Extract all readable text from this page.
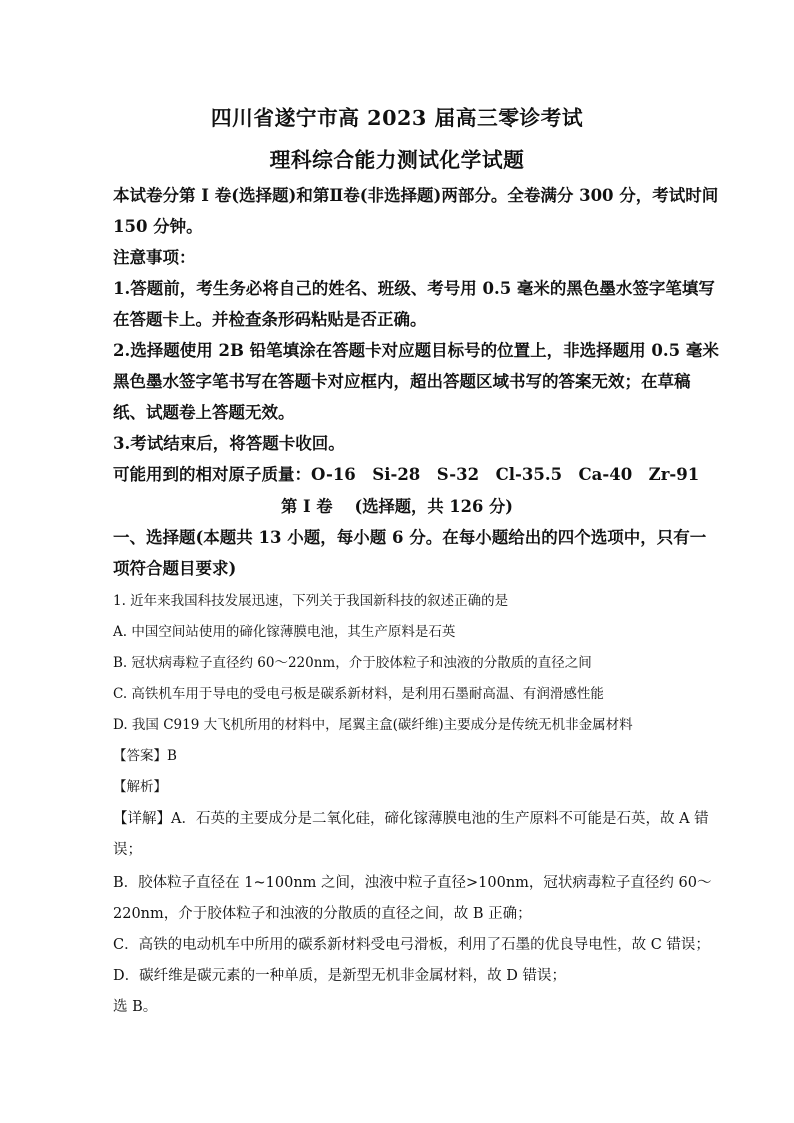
四川省遂宁市高 2023 届高三零诊考试
理科综合能力测试化学试题
本试卷分第 I 卷(选择题)和第Ⅱ卷(非选择题)两部分。全卷满分 300 分，考试时间
150 分钟。
注意事项：
1.答题前，考生务必将自己的姓名、班级、考号用 0.5 毫米的黑色墨水签字笔填写
在答题卡上。并检查条形码粘贴是否正确。
2.选择题使用 2B 铅笔填涂在答题卡对应题目标号的位置上，非选择题用 0.5 毫米
黑色墨水签字笔书写在答题卡对应框内，超出答题区域书写的答案无效；在草稿
纸、试题卷上答题无效。
3.考试结束后，将答题卡收回。
可能用到的相对原子质量：O-16　Si-28　S-32　Cl-35.5　Ca-40　Zr-91
第 I 卷　 (选择题，共 126 分)
一、选择题(本题共 13 小题，每小题 6 分。在每小题给出的四个选项中，只有一
项符合题目要求)
1. 近年来我国科技发展迅速，下列关于我国新科技的叙述正确的是
A. 中国空间站使用的碲化镓薄膜电池，其生产原料是石英
B. 冠状病毒粒子直径约 60～220nm，介于胶体粒子和浊液的分散质的直径之间
C. 高铁机车用于导电的受电弓板是碳系新材料，是利用石墨耐高温、有润滑感性能
D. 我国 C919 大飞机所用的材料中，尾翼主盒(碳纤维)主要成分是传统无机非金属材料
【答案】B
【解析】
【详解】A．石英的主要成分是二氧化硅，碲化镓薄膜电池的生产原料不可能是石英，故 A 错
误；
B．胶体粒子直径在 1~100nm 之间，浊液中粒子直径>100nm，冠状病毒粒子直径约 60～
220nm，介于胶体粒子和浊液的分散质的直径之间，故 B 正确；
C．高铁的电动机车中所用的碳系新材料受电弓滑板，利用了石墨的优良导电性，故 C 错误；
D．碳纤维是碳元素的一种单质，是新型无机非金属材料，故 D 错误；
选 B。
